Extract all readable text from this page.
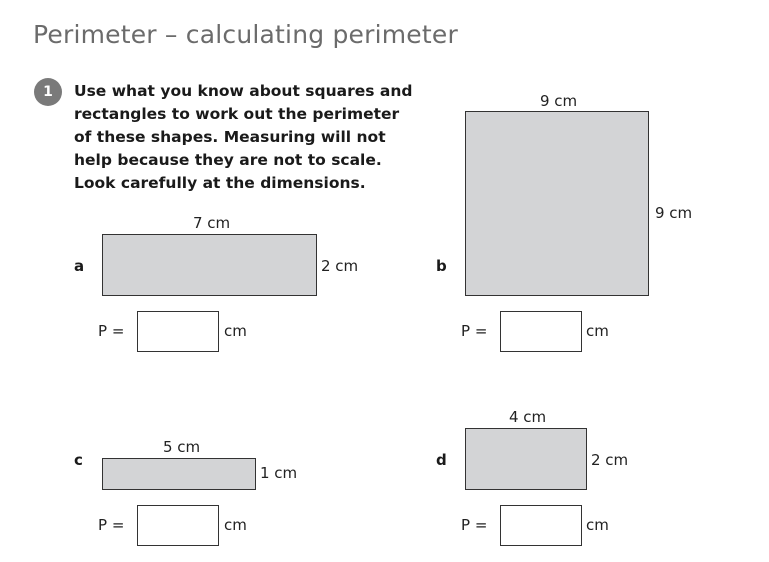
Perimeter – calculating perimeter
1	Use what you know about squares and
rectangles to work out the perimeter
of these shapes. Measuring will not
help because they are not to scale.
Look carefully at the dimensions.
a
7 cm
2 cm
P =	cm
b
9 cm
9 cm
P =	cm
c
5 cm
1 cm
P =	cm
d
4 cm
2 cm
P =	cm
